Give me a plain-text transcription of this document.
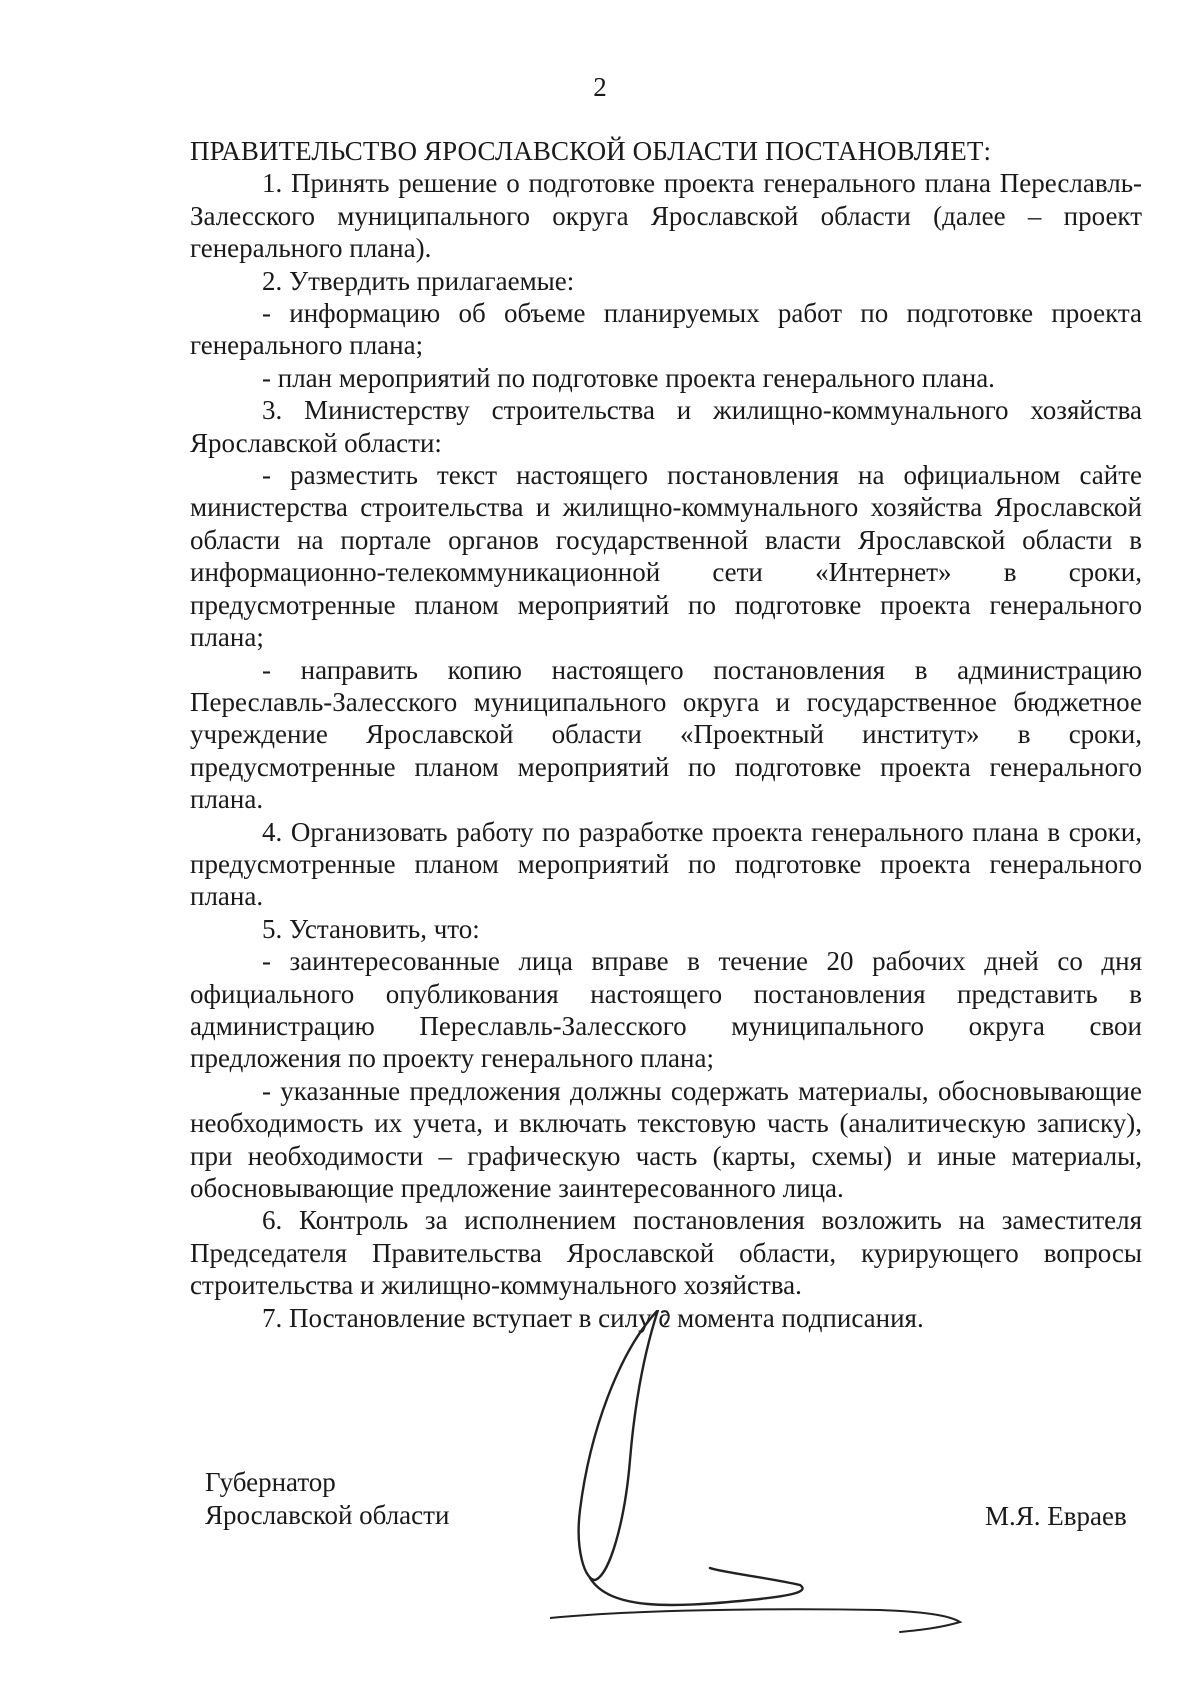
2

ПРАВИТЕЛЬСТВО ЯРОСЛАВСКОЙ ОБЛАСТИ ПОСТАНОВЛЯЕТ:

1. Принять решение о подготовке проекта генерального плана Переславль-Залесского муниципального округа Ярославской области (далее – проект генерального плана).

2. Утвердить прилагаемые:

- информацию об объеме планируемых работ по подготовке проекта генерального плана;

- план мероприятий по подготовке проекта генерального плана.

3. Министерству строительства и жилищно-коммунального хозяйства Ярославской области:

- разместить текст настоящего постановления на официальном сайте министерства строительства и жилищно-коммунального хозяйства Ярославской области на портале органов государственной власти Ярославской области в информационно-телекоммуникационной сети «Интернет» в сроки, предусмотренные планом мероприятий по подготовке проекта генерального плана;

- направить копию настоящего постановления в администрацию Переславль-Залесского муниципального округа и государственное бюджетное учреждение Ярославской области «Проектный институт» в сроки, предусмотренные планом мероприятий по подготовке проекта генерального плана.

4. Организовать работу по разработке проекта генерального плана в сроки, предусмотренные планом мероприятий по подготовке проекта генерального плана.

5. Установить, что:

- заинтересованные лица вправе в течение 20 рабочих дней со дня официального опубликования настоящего постановления представить в администрацию Переславль-Залесского муниципального округа свои предложения по проекту генерального плана;

- указанные предложения должны содержать материалы, обосновывающие необходимость их учета, и включать текстовую часть (аналитическую записку), при необходимости – графическую часть (карты, схемы) и иные материалы, обосновывающие предложение заинтересованного лица.

6. Контроль за исполнением постановления возложить на заместителя Председателя Правительства Ярославской области, курирующего вопросы строительства и жилищно-коммунального хозяйства.

7. Постановление вступает в силу с момента подписания.

Губернатор
Ярославской области	М.Я. Евраев
